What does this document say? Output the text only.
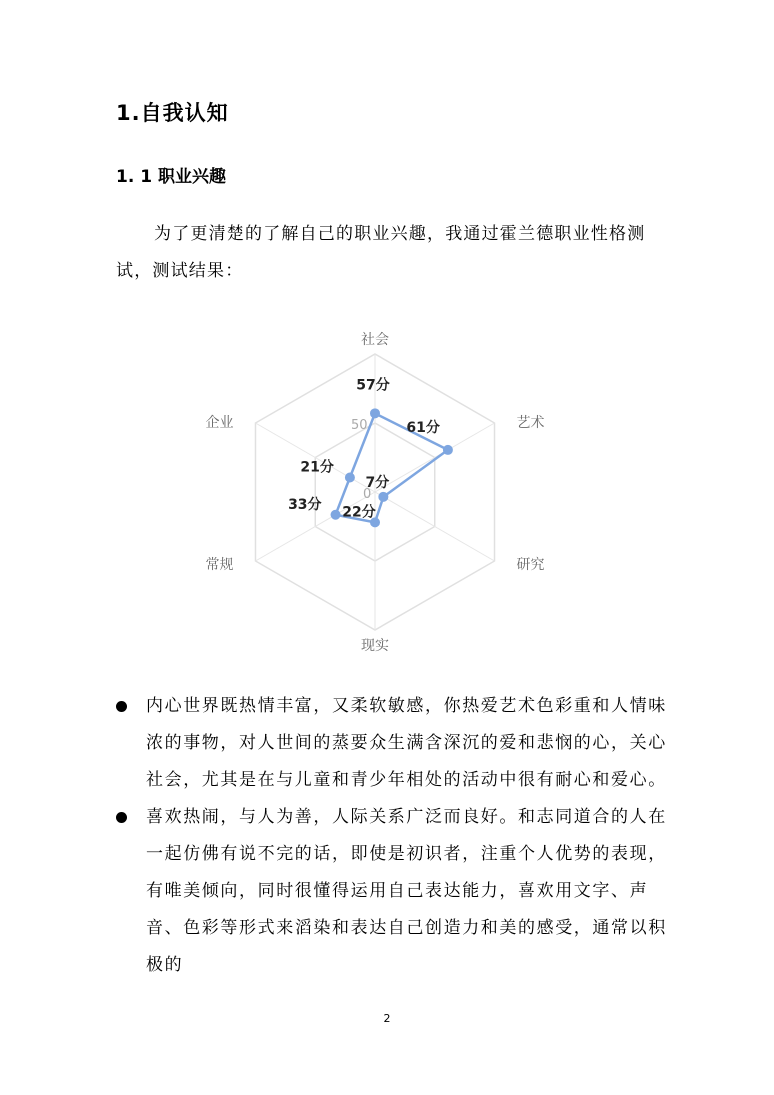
1.自我认知
1. 1 职业兴趣

为了更清楚的了解自己的职业兴趣，我通过霍兰德职业性格测试，测试结果：

0
50
社会
艺术
研究
现实
常规
企业
57分
61分
7分
22分
33分
21分
内心世界既热情丰富，又柔软敏感，你热爱艺术色彩重和人情味浓的事物，对人世间的蒸要众生满含深沉的爱和悲悯的心，关心社会，尤其是在与儿童和青少年相处的活动中很有耐心和爱心。
喜欢热闹，与人为善，人际关系广泛而良好。和志同道合的人在一起仿佛有说不完的话，即使是初识者，注重个人优势的表现，有唯美倾向，同时很懂得运用自己表达能力，喜欢用文字、声音、色彩等形式来滔染和表达自己创造力和美的感受，通常以积极的
2
